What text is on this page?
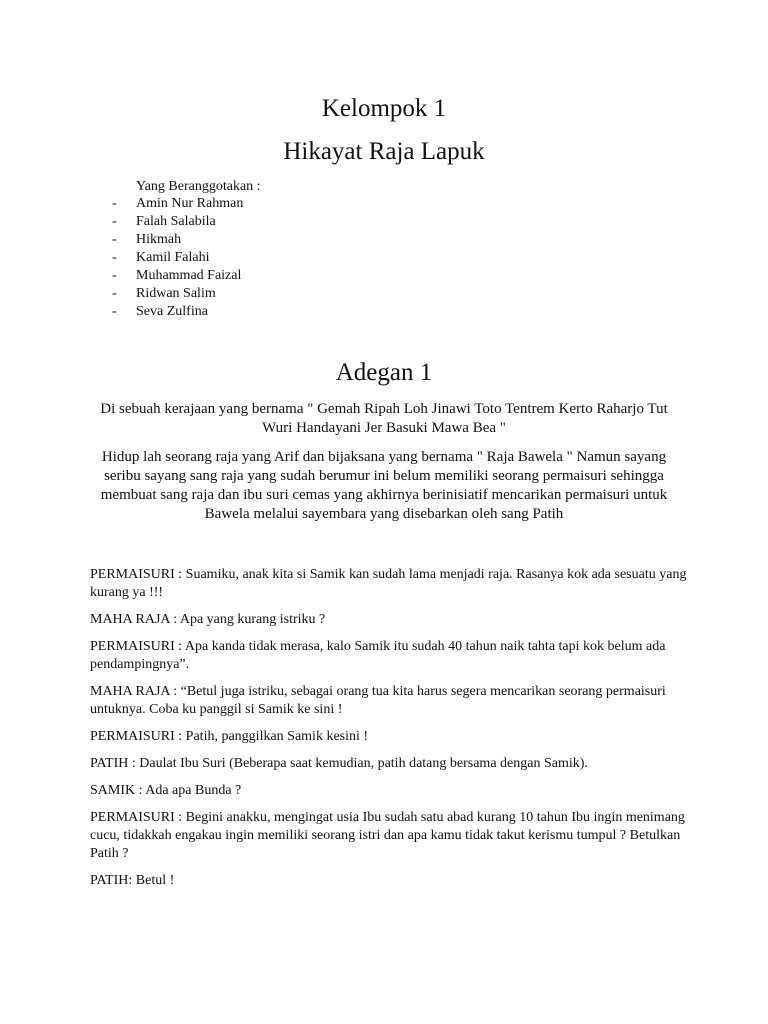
Kelompok 1
Hikayat Raja Lapuk
Yang Beranggotakan :
- Amin Nur Rahman
- Falah Salabila
- Hikmah
- Kamil Falahi
- Muhammad Faizal
- Ridwan Salim
- Seva Zulfina
Adegan 1

Di sebuah kerajaan yang bernama " Gemah Ripah Loh Jinawi Toto Tentrem Kerto Raharjo Tut Wuri Handayani Jer Basuki Mawa Bea "

Hidup lah seorang raja yang Arif dan bijaksana yang bernama " Raja Bawela " Namun sayang seribu sayang sang raja yang sudah berumur ini belum memiliki seorang permaisuri sehingga membuat sang raja dan ibu suri cemas yang akhirnya berinisiatif mencarikan permaisuri untuk Bawela melalui sayembara yang disebarkan oleh sang Patih

PERMAISURI : Suamiku, anak kita si Samik kan sudah lama menjadi raja. Rasanya kok ada sesuatu yang kurang ya !!!

MAHA RAJA : Apa yang kurang istriku ?

PERMAISURI : Apa kanda tidak merasa, kalo Samik itu sudah 40 tahun naik tahta tapi kok belum ada pendampingnya”.

MAHA RAJA : “Betul juga istriku, sebagai orang tua kita harus segera mencarikan seorang permaisuri untuknya. Coba ku panggil si Samik ke sini !

PERMAISURI : Patih, panggilkan Samik kesini !

PATIH : Daulat Ibu Suri (Beberapa saat kemudian, patih datang bersama dengan Samik).

SAMIK : Ada apa Bunda ?

PERMAISURI : Begini anakku, mengingat usia Ibu sudah satu abad kurang 10 tahun Ibu ingin menimang cucu, tidakkah engakau ingin memiliki seorang istri dan apa kamu tidak takut kerismu tumpul ? Betulkan Patih ?

PATIH: Betul !
